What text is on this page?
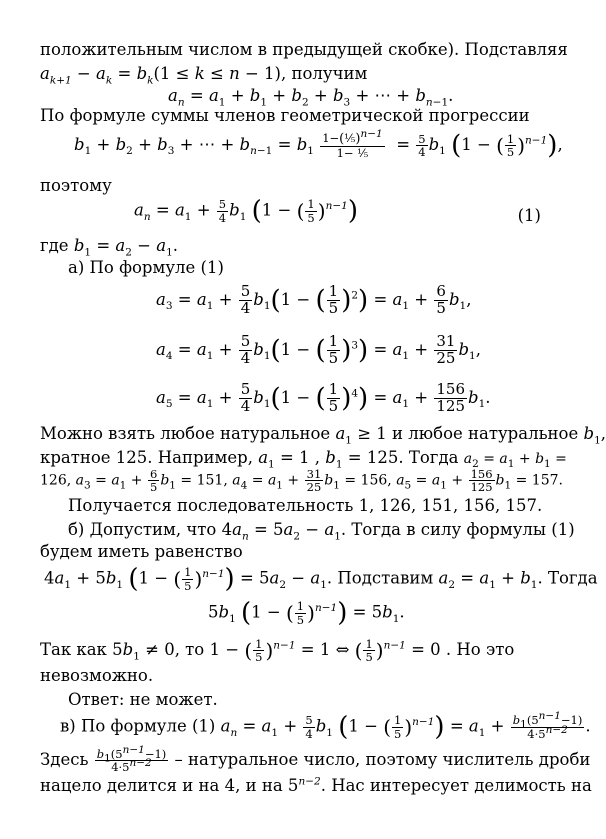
положительным числом в предыдущей скобке). Подставляя
$a_{k+1} - a_k = b_k(1 \le k \le n - 1)$, получим
$a_n = a_1 + b_1 + b_2 + b_3$ + ⋯ + $b_{n-1}$.
По формуле суммы членов геометрической прогрессии
$b_1 + b_2 + b_3$ + ⋯ + $b_{n-1} = b_1 \frac{1-(\frac{1}{5})^{n-1}}{\text{1− ⅕}} = \frac{5}{4} b_1$ (1 − ( $\frac{1}{5} )^{n-1}$),
поэтому
$a_n = a_1 + \frac{5}{4} b_1$ (1 − ( $\frac{1}{5} )^{n-1}$)	(1)
где $b_1 = a_2 - a_1$.
а) По формуле (1)
$a_3 = a_1 + \frac{5}{4} b_1(1$ − ( $\frac{1}{5} )^2) = a_1 + \frac{6}{5} b_1$,
$a_4 = a_1 + \frac{5}{4} b_1(1$ − ( $\frac{1}{5} )^3) = a_1 + \frac{31}{25} b_1$,
$a_5 = a_1 + \frac{5}{4} b_1(1$ − ( $\frac{1}{5} )^4) = a_1 + \frac{156}{125} b_1$.
Можно взять любое натуральное $a_1 \ge 1$ и любое натуральное $b_1$,
кратное 125. Например, $a_1 = 1$ , $b_1 = 125$. Тогда $a_2 = a_1 + b_1$ =
126, $a_3 = a_1 + \frac{6}{5} b_1 = 151$, $a_4 = a_1 + \frac{31}{25} b_1 = 156$, $a_5 = a_1 + \frac{156}{125} b_1 = 157$.
Получается последовательность 1, 126, 151, 156, 157.
б) Допустим, что $4a_n = 5a_2 - a_1$. Тогда в силу формулы (1)
будем иметь равенство
$4a_1 + 5b_1$ (1 − ( $\frac{1}{5} )^{n-1}) = 5a_2 - a_1$. Подставим $a_2 = a_1 + b_1$. Тогда
$5b_1$ (1 − ( $\frac{1}{5} )^{n-1}) = 5b_1$.
Так как $5b_1 \ne 0$, то 1 − ( $\frac{1}{5} )^{n-1} = 1$ ⇔ ( $\frac{1}{5} )^{n-1} = 0$ . Но это
невозможно.
Ответ: не может.
в) По формуле (1) $a_n = a_1 + \frac{5}{4} b_1$ (1 − ( $\frac{1}{5} )^{n-1}) = a_1 + \frac{b_1(5^{n-1}-1)}{4\cdot 5^{n-2}}$ .
Здесь $\frac{b_1(5^{n-1}-1)}{4\cdot 5^{n-2}}$ – натуральное число, поэтому числитель дроби
нацело делится и на 4, и на $5^{n-2}$. Нас интересует делимость на
